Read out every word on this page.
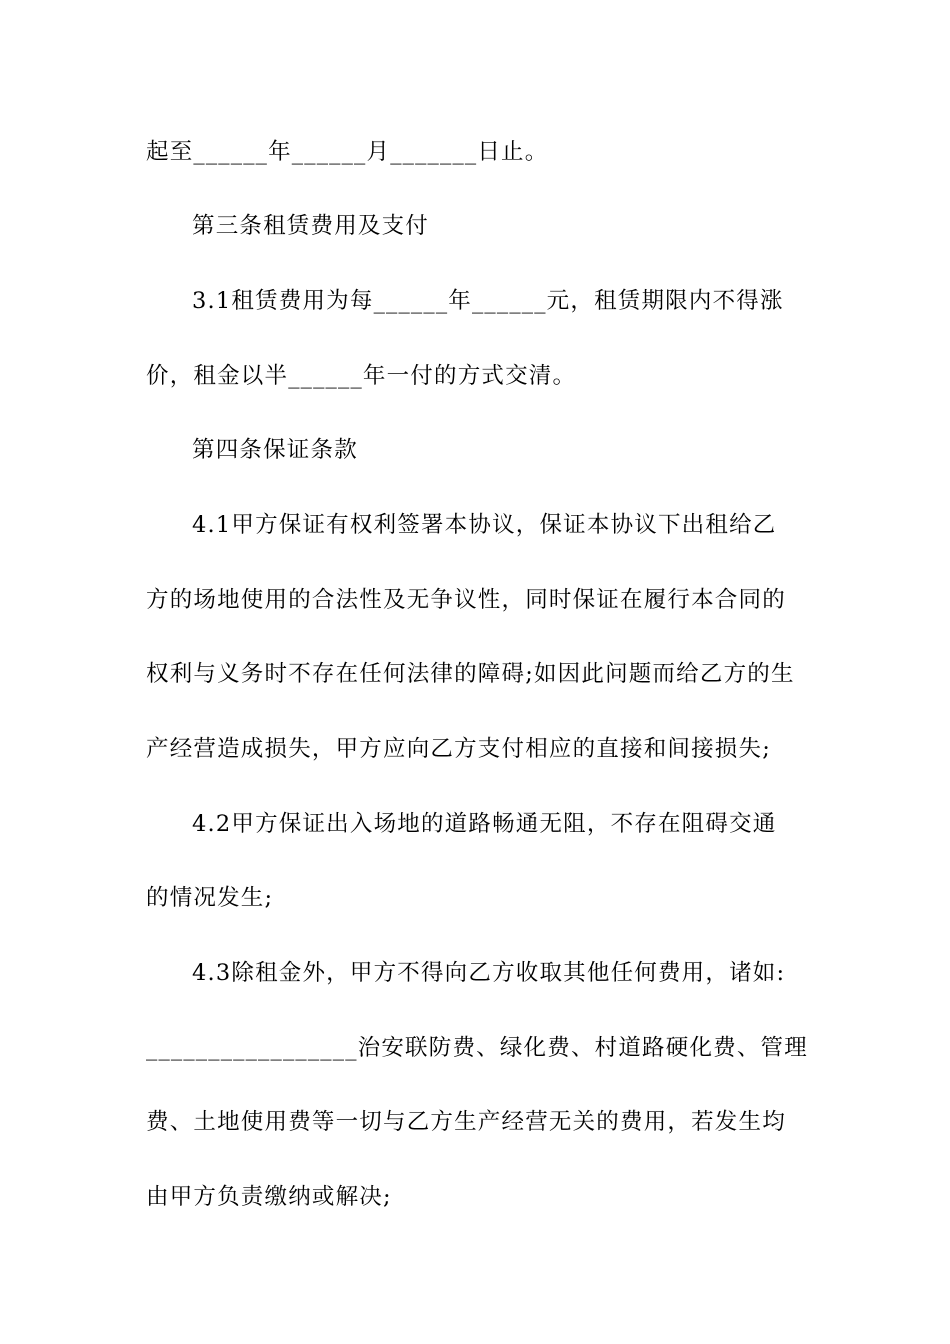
起至______年______月_______日止。
第三条租赁费用及支付
3.1租赁费用为每______年______元，租赁期限内不得涨
价，租金以半______年一付的方式交清。
第四条保证条款
4.1甲方保证有权利签署本协议，保证本协议下出租给乙
方的场地使用的合法性及无争议性，同时保证在履行本合同的
权利与义务时不存在任何法律的障碍;如因此问题而给乙方的生
产经营造成损失，甲方应向乙方支付相应的直接和间接损失;
4.2甲方保证出入场地的道路畅通无阻，不存在阻碍交通
的情况发生;
4.3除租金外，甲方不得向乙方收取其他任何费用，诸如:
_________________治安联防费、绿化费、村道路硬化费、管理
费、土地使用费等一切与乙方生产经营无关的费用，若发生均
由甲方负责缴纳或解决;
